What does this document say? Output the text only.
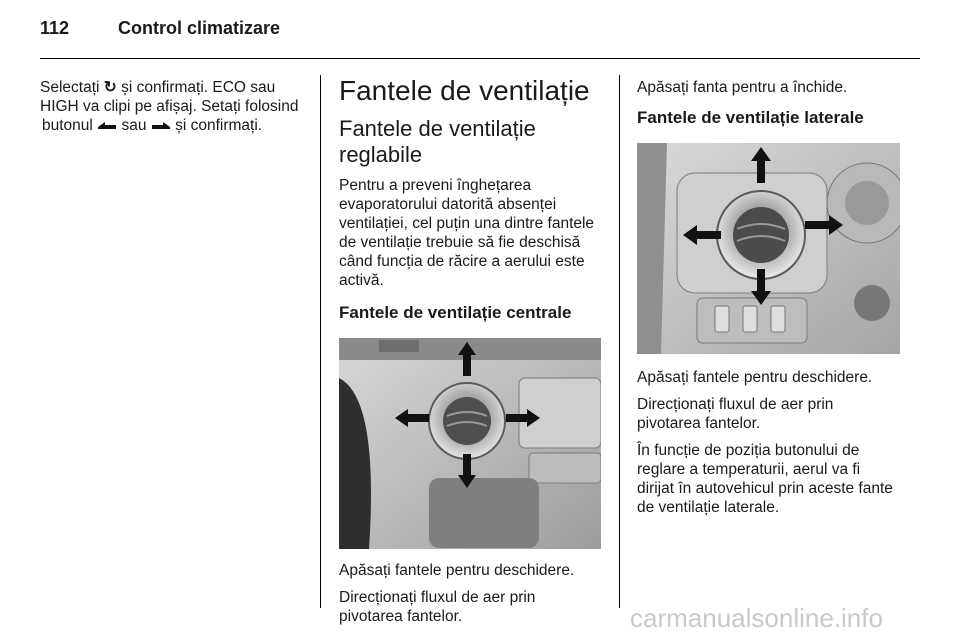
112	Control climatizare
Selectați ↻ și confirmați. ECO sau
HIGH va clipi pe afișaj. Setați folosind
butonul sau și confirmați.
Fantele de ventilație
Fantele de ventilație
reglabile

Pentru a preveni înghețarea
evaporatorului datorită absenței
ventilației, cel puțin una dintre fantele
de ventilație trebuie să fie deschisă
când funcția de răcire a aerului este
activă.

Fantele de ventilație centrale

Apăsați fantele pentru deschidere.

Direcționați fluxul de aer prin
pivotarea fantelor.

Apăsați fanta pentru a închide.

Fantele de ventilație laterale

Apăsați fantele pentru deschidere.

Direcționați fluxul de aer prin
pivotarea fantelor.

În funcție de poziția butonului de
reglare a temperaturii, aerul va fi
dirijat în autovehicul prin aceste fante
de ventilație laterale.

carmanualsonline.info
